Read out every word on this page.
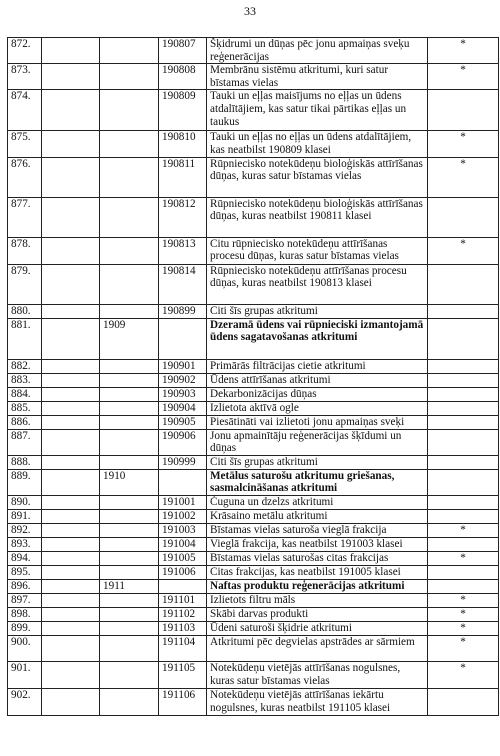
33
872.			190807	Šķidrumi un dūņas pēc jonu apmaiņas sveķu reģenerācijas	*
873.			190808	Membrānu sistēmu atkritumi, kuri satur bīstamas vielas	*
874.			190809	Tauki un eļļas maisījums no eļļas un ūdens atdalītājiem, kas satur tikai pārtikas eļļas un taukus	
875.			190810	Tauki un eļļas no eļļas un ūdens atdalītājiem, kas neatbilst 190809 klasei	*
876.			190811	Rūpniecisko notekūdeņu bioloģiskās attīrīšanas dūņas, kuras satur bīstamas vielas	*
877.			190812	Rūpniecisko notekūdeņu bioloģiskās attīrīšanas dūņas, kuras neatbilst 190811 klasei	
878.			190813	Citu rūpniecisko notekūdeņu attīrīšanas procesu dūņas, kuras satur bīstamas vielas	*
879.			190814	Rūpniecisko notekūdeņu attīrīšanas procesu dūņas, kuras neatbilst 190813 klasei	
880.			190899	Citi šīs grupas atkritumi	
881.		1909		Dzeramā ūdens vai rūpnieciski izmantojamā ūdens sagatavošanas atkritumi	
882.			190901	Primārās filtrācijas cietie atkritumi	
883.			190902	Ūdens attīrīšanas atkritumi	
884.			190903	Dekarbonizācijas dūņas	
885.			190904	Izlietota aktīvā ogle	
886.			190905	Piesātināti vai izlietoti jonu apmaiņas sveķi	
887.			190906	Jonu apmainītāju reģenerācijas šķīdumi un dūņas	
888.			190999	Citi šīs grupas atkritumi	
889.		1910		Metālus saturošu atkritumu griešanas, sasmalcināšanas atkritumi	
890.			191001	Čuguna un dzelzs atkritumi	
891.			191002	Krāsaino metālu atkritumi	
892.			191003	Bīstamas vielas saturoša vieglā frakcija	*
893.			191004	Vieglā frakcija, kas neatbilst 191003 klasei	
894.			191005	Bīstamas vielas saturošas citas frakcijas	*
895.			191006	Citas frakcijas, kas neatbilst 191005 klasei	
896.		1911		Naftas produktu reģenerācijas atkritumi	
897.			191101	Izlietots filtru māls	*
898.			191102	Skābi darvas produkti	*
899.			191103	Ūdeni saturoši šķidrie atkritumi	*
900.			191104	Atkritumi pēc degvielas apstrādes ar sārmiem	*
901.			191105	Notekūdeņu vietējās attīrīšanas nogulsnes, kuras satur bīstamas vielas	*
902.			191106	Notekūdeņu vietējās attīrīšanas iekārtu nogulsnes, kuras neatbilst 191105 klasei	
